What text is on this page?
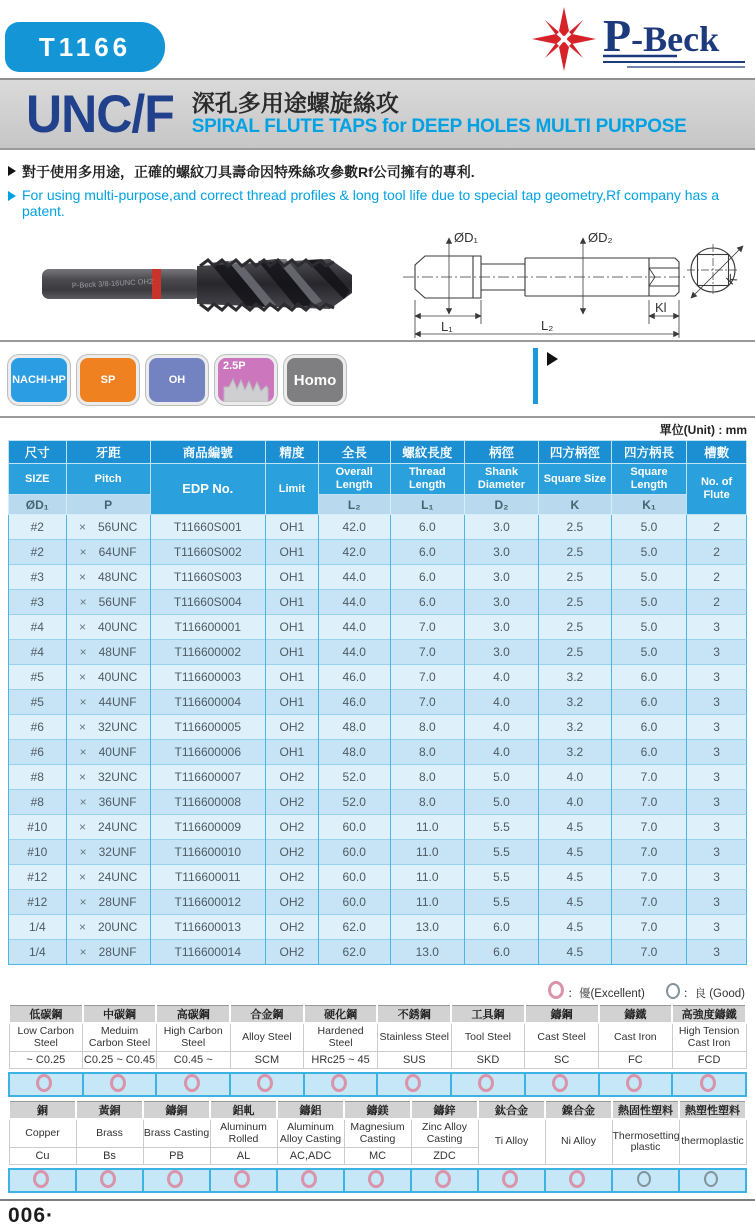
T1166	P-Beck
UNC/F 深孔多用途螺旋絲攻
SPIRAL FLUTE TAPS for DEEP HOLES MULTI PURPOSE
對于使用多用途，正確的螺紋刀具壽命因特殊絲攻參數Rf公司擁有的專利.
For using multi-purpose,and correct thread profiles & long tool life due to special tap geometry,Rf company has a patent.
P-Beck 3/8-16UNC OH2
ØD₁	ØD₂
L₁
Kl
L₂
K
NACHI-HP	SP	OH
2.5P
Homo
單位(Unit) : mm
尺寸	牙距	商品編號	精度	全長	螺紋長度	柄徑	四方柄徑	四方柄長	槽數
SIZE	Pitch	EDP No.	Limit	Overall Length	Thread Length	Shank Diameter	Square Size	Square Length	No. of Flute
ØD₁	P			L₂	L₁	D₂	K	K₁	
#2	× 56UNC	T11660S001	OH1	42.0	6.0	3.0	2.5	5.0	2
#2	× 64UNF	T11660S002	OH1	42.0	6.0	3.0	2.5	5.0	2
#3	× 48UNC	T11660S003	OH1	44.0	6.0	3.0	2.5	5.0	2
#3	× 56UNF	T11660S004	OH1	44.0	6.0	3.0	2.5	5.0	2
#4	× 40UNC	T116600001	OH1	44.0	7.0	3.0	2.5	5.0	3
#4	× 48UNF	T116600002	OH1	44.0	7.0	3.0	2.5	5.0	3
#5	× 40UNC	T116600003	OH1	46.0	7.0	4.0	3.2	6.0	3
#5	× 44UNF	T116600004	OH1	46.0	7.0	4.0	3.2	6.0	3
#6	× 32UNC	T116600005	OH2	48.0	8.0	4.0	3.2	6.0	3
#6	× 40UNF	T116600006	OH1	48.0	8.0	4.0	3.2	6.0	3
#8	× 32UNC	T116600007	OH2	52.0	8.0	5.0	4.0	7.0	3
#8	× 36UNF	T116600008	OH2	52.0	8.0	5.0	4.0	7.0	3
#10	× 24UNC	T116600009	OH2	60.0	11.0	5.5	4.5	7.0	3
#10	× 32UNF	T116600010	OH2	60.0	11.0	5.5	4.5	7.0	3
#12	× 24UNC	T116600011	OH2	60.0	11.0	5.5	4.5	7.0	3
#12	× 28UNF	T116600012	OH2	60.0	11.0	5.5	4.5	7.0	3
1/4	× 20UNC	T116600013	OH2	62.0	13.0	6.0	4.5	7.0	3
1/4	× 28UNF	T116600014	OH2	62.0	13.0	6.0	4.5	7.0	3
：優(Excellent)	：良 (Good)
低碳鋼	中碳鋼	高碳鋼	合金鋼	硬化鋼	不銹鋼	工具鋼	鑄鋼	鑄鐵	高強度鑄鐵
Low Carbon Steel	Meduim Carbon Steel	High Carbon Steel	Alloy Steel	Hardened Steel	Stainless Steel	Tool Steel	Cast Steel	Cast Iron	High Tension Cast Iron
~ C0.25	C0.25 ~ C0.45	C0.45 ~	SCM	HRc25 ~ 45	SUS	SKD	SC	FC	FCD

銅	黃銅	鑄銅	鋁軋	鑄鋁	鑄鎂	鑄鋅	鈦合金	鎳合金	熱固性塑料	熱塑性塑料
Copper	Brass	Brass Casting	Aluminum Rolled	Aluminum Alloy Casting	Magnesium Casting	Zinc Alloy Casting	Ti Alloy	Ni Alloy	Thermosetting plastic	thermoplastic
Cu	Bs	PB	AL	AC,ADC	MC	ZDC				

006·
